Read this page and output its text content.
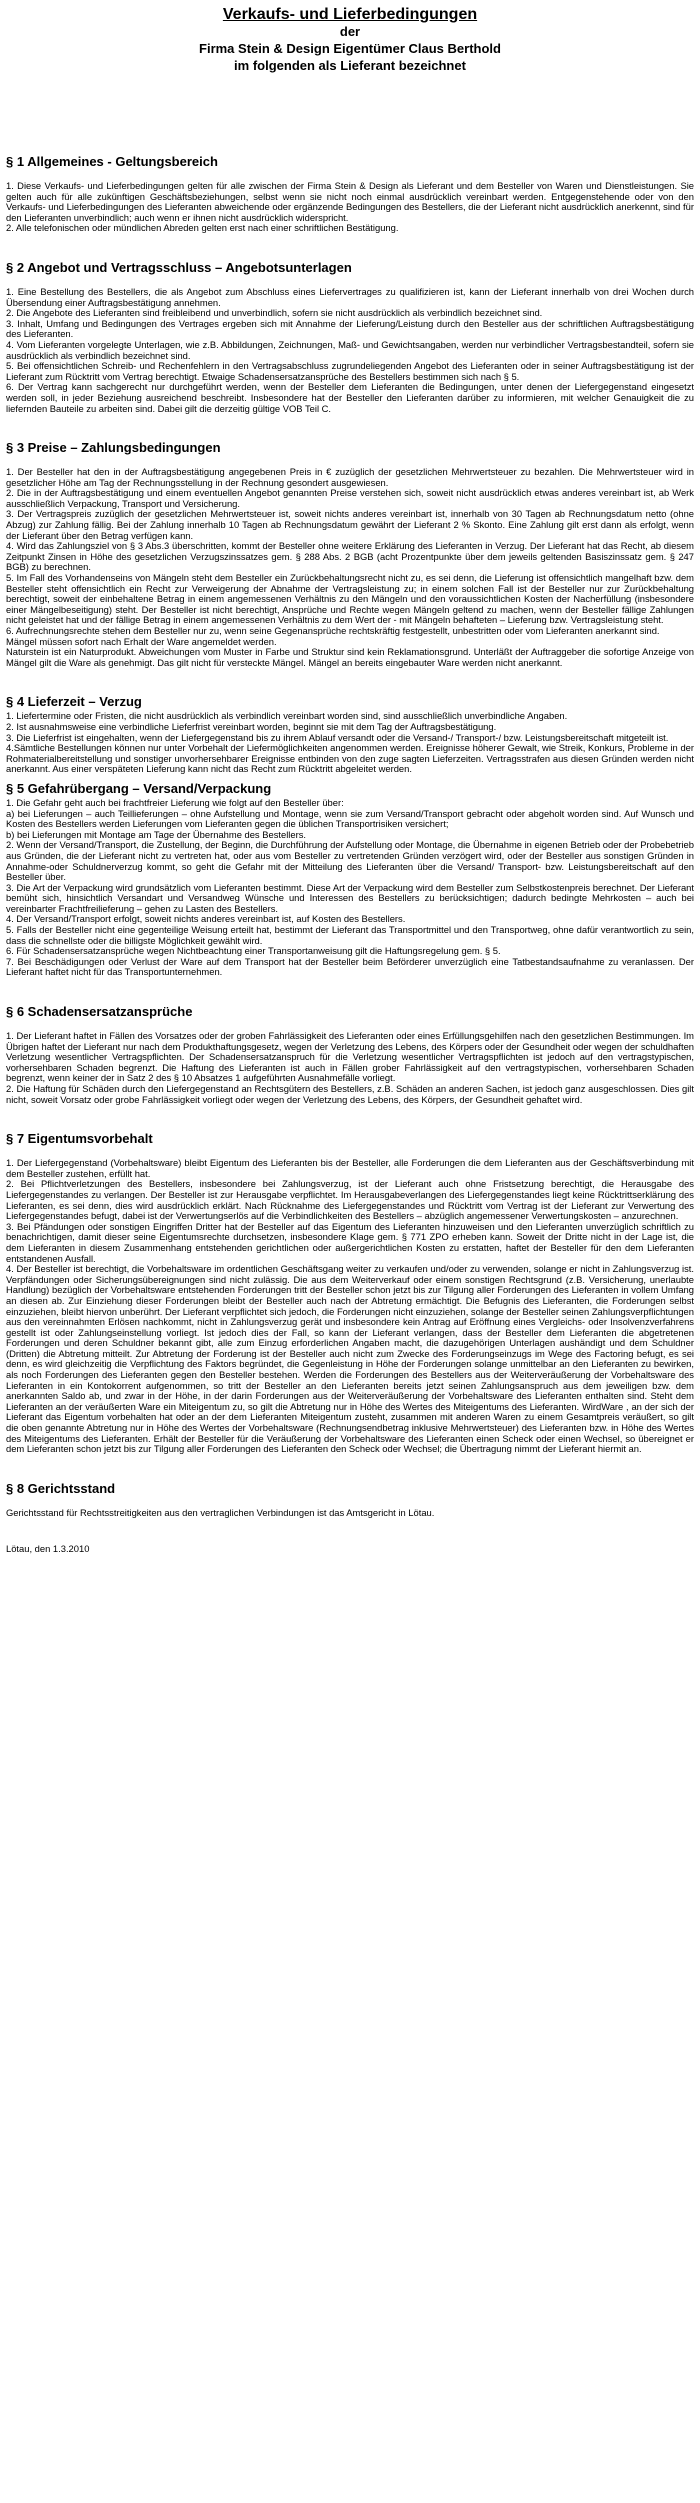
Verkaufs- und Lieferbedingungen
der
Firma Stein & Design Eigentümer Claus Berthold
im folgenden als Lieferant bezeichnet
§ 1 Allgemeines - Geltungsbereich

1. Diese Verkaufs- und Lieferbedingungen gelten für alle zwischen der Firma Stein & Design als Lieferant und dem Besteller von Waren und Dienstleistungen. Sie gelten auch für alle zukünftigen Geschäftsbeziehungen, selbst wenn sie nicht noch einmal ausdrücklich vereinbart werden. Entgegenstehende oder von den Verkaufs- und Lieferbedingungen des Lieferanten abweichende oder ergänzende Bedingungen des Bestellers, die der Lieferant nicht ausdrücklich anerkennt, sind für den Lieferanten unverbindlich; auch wenn er ihnen nicht ausdrücklich widerspricht.

2. Alle telefonischen oder mündlichen Abreden gelten erst nach einer schriftlichen Bestätigung.

§ 2 Angebot und Vertragsschluss – Angebotsunterlagen

1. Eine Bestellung des Bestellers, die als Angebot zum Abschluss eines Liefervertrages zu qualifizieren ist, kann der Lieferant innerhalb von drei Wochen durch Übersendung einer Auftragsbestätigung annehmen.

2. Die Angebote des Lieferanten sind freibleibend und unverbindlich, sofern sie nicht ausdrücklich als verbindlich bezeichnet sind.

3. Inhalt, Umfang und Bedingungen des Vertrages ergeben sich mit Annahme der Lieferung/Leistung durch den Besteller aus der schriftlichen Auftragsbestätigung des Lieferanten.

4. Vom Lieferanten vorgelegte Unterlagen, wie z.B. Abbildungen, Zeichnungen, Maß- und Gewichtsangaben, werden nur verbindlicher Vertragsbestandteil, sofern sie ausdrücklich als verbindlich bezeichnet sind.

5. Bei offensichtlichen Schreib- und Rechenfehlern in den Vertragsabschluss zugrundeliegenden Angebot des Lieferanten oder in seiner Auftragsbestätigung ist der Lieferant zum Rücktritt vom Vertrag berechtigt. Etwaige Schadensersatzansprüche des Bestellers bestimmen sich nach § 5.

6. Der Vertrag kann sachgerecht nur durchgeführt werden, wenn der Besteller dem Lieferanten die Bedingungen, unter denen der Liefergegenstand eingesetzt werden soll, in jeder Beziehung ausreichend beschreibt. Insbesondere hat der Besteller den Lieferanten darüber zu informieren, mit welcher Genauigkeit die zu liefernden Bauteile zu arbeiten sind. Dabei gilt die derzeitig gültige VOB Teil C.

§ 3 Preise – Zahlungsbedingungen

1. Der Besteller hat den in der Auftragsbestätigung angegebenen Preis in € zuzüglich der gesetzlichen Mehrwertsteuer zu bezahlen. Die Mehrwertsteuer wird in gesetzlicher Höhe am Tag der Rechnungsstellung in der Rechnung gesondert ausgewiesen.

2. Die in der Auftragsbestätigung und einem eventuellen Angebot genannten Preise verstehen sich, soweit nicht ausdrücklich etwas anderes vereinbart ist, ab Werk ausschließlich Verpackung, Transport und Versicherung.

3. Der Vertragspreis zuzüglich der gesetzlichen Mehrwertsteuer ist, soweit nichts anderes vereinbart ist, innerhalb von 30 Tagen ab Rechnungsdatum netto (ohne Abzug) zur Zahlung fällig. Bei der Zahlung innerhalb 10 Tagen ab Rechnungsdatum gewährt der Lieferant 2 % Skonto. Eine Zahlung gilt erst dann als erfolgt, wenn der Lieferant über den Betrag verfügen kann.

4. Wird das Zahlungsziel von § 3 Abs.3 überschritten, kommt der Besteller ohne weitere Erklärung des Lieferanten in Verzug. Der Lieferant hat das Recht, ab diesem Zeitpunkt Zinsen in Höhe des gesetzlichen Verzugszinssatzes gem. § 288 Abs. 2 BGB (acht Prozentpunkte über dem jeweils geltenden Basiszinssatz gem. § 247 BGB) zu berechnen.

5. Im Fall des Vorhandenseins von Mängeln steht dem Besteller ein Zurückbehaltungsrecht nicht zu, es sei denn, die Lieferung ist offensichtlich mangelhaft bzw. dem Besteller steht offensichtlich ein Recht zur Verweigerung der Abnahme der Vertragsleistung zu; in einem solchen Fall ist der Besteller nur zur Zurückbehaltung berechtigt, soweit der einbehaltene Betrag in einem angemessenen Verhältnis zu den Mängeln und den voraussichtlichen Kosten der Nacherfüllung (insbesondere einer Mängelbeseitigung) steht. Der Besteller ist nicht berechtigt, Ansprüche und Rechte wegen Mängeln geltend zu machen, wenn der Besteller fällige Zahlungen nicht geleistet hat und der fällige Betrag in einem angemessenen Verhältnis zu dem Wert der - mit Mängeln behafteten – Lieferung bzw. Vertragsleistung steht.

6. Aufrechnungsrechte stehen dem Besteller nur zu, wenn seine Gegenansprüche rechtskräftig festgestellt, unbestritten oder vom Lieferanten anerkannt sind.

Mängel müssen sofort nach Erhalt der Ware angemeldet werden.

Naturstein ist ein Naturprodukt. Abweichungen vom Muster in Farbe und Struktur sind kein Reklamationsgrund. Unterläßt der Auftraggeber die sofortige Anzeige von Mängel gilt die Ware als genehmigt. Das gilt nicht für versteckte Mängel. Mängel an bereits eingebauter Ware werden nicht anerkannt.

§ 4 Lieferzeit – Verzug

1. Liefertermine oder Fristen, die nicht ausdrücklich als verbindlich vereinbart worden sind, sind ausschließlich unverbindliche Angaben.

2. Ist ausnahmsweise eine verbindliche Lieferfrist vereinbart worden, beginnt sie mit dem Tag der Auftragsbestätigung.

3. Die Lieferfrist ist eingehalten, wenn der Liefergegenstand bis zu ihrem Ablauf versandt oder die Versand-/ Transport-/ bzw. Leistungsbereitschaft mitgeteilt ist.

4.Sämtliche Bestellungen können nur unter Vorbehalt der Liefermöglichkeiten angenommen werden. Ereignisse höherer Gewalt, wie Streik, Konkurs, Probleme in der Rohmaterialbereitstellung und sonstiger unvorhersehbarer Ereignisse entbinden von den zuge sagten Lieferzeiten. Vertragsstrafen aus diesen Gründen werden nicht anerkannt. Aus einer verspäteten Lieferung kann nicht das Recht zum Rücktritt abgeleitet werden.

§ 5 Gefahrübergang – Versand/Verpackung

1. Die Gefahr geht auch bei frachtfreier Lieferung wie folgt auf den Besteller über:

a) bei Lieferungen – auch Teillieferungen – ohne Aufstellung und Montage, wenn sie zum Versand/Transport gebracht oder abgeholt worden sind. Auf Wunsch und Kosten des Bestellers werden Lieferungen vom Lieferanten gegen die üblichen Transportrisiken versichert;

b) bei Lieferungen mit Montage am Tage der Übernahme des Bestellers.

2. Wenn der Versand/Transport, die Zustellung, der Beginn, die Durchführung der Aufstellung oder Montage, die Übernahme in eigenen Betrieb oder der Probebetrieb aus Gründen, die der Lieferant nicht zu vertreten hat, oder aus vom Besteller zu vertretenden Gründen verzögert wird, oder der Besteller aus sonstigen Gründen in Annahme-oder Schuldnerverzug kommt, so geht die Gefahr mit der Mitteilung des Lieferanten über die Versand/ Transport- bzw. Leistungsbereitschaft auf den Besteller über.

3. Die Art der Verpackung wird grundsätzlich vom Lieferanten bestimmt. Diese Art der Verpackung wird dem Besteller zum Selbstkostenpreis berechnet. Der Lieferant bemüht sich, hinsichtlich Versandart und Versandweg Wünsche und Interessen des Bestellers zu berücksichtigen; dadurch bedingte Mehrkosten – auch bei vereinbarter Frachtfreilieferung – gehen zu Lasten des Bestellers.

4. Der Versand/Transport erfolgt, soweit nichts anderes vereinbart ist, auf Kosten des Bestellers.

5. Falls der Besteller nicht eine gegenteilige Weisung erteilt hat, bestimmt der Lieferant das Transportmittel und den Transportweg, ohne dafür verantwortlich zu sein, dass die schnellste oder die billigste Möglichkeit gewählt wird.

6. Für Schadensersatzansprüche wegen Nichtbeachtung einer Transportanweisung gilt die Haftungsregelung gem. § 5.

7. Bei Beschädigungen oder Verlust der Ware auf dem Transport hat der Besteller beim Beförderer unverzüglich eine Tatbestandsaufnahme zu veranlassen. Der Lieferant haftet nicht für das Transportunternehmen.

§ 6 Schadensersatzansprüche

1. Der Lieferant haftet in Fällen des Vorsatzes oder der groben Fahrlässigkeit des Lieferanten oder eines Erfüllungsgehilfen nach den gesetzlichen Bestimmungen. Im Übrigen haftet der Lieferant nur nach dem Produkthaftungsgesetz, wegen der Verletzung des Lebens, des Körpers oder der Gesundheit oder wegen der schuldhaften Verletzung wesentlicher Vertragspflichten. Der Schadensersatzanspruch für die Verletzung wesentlicher Vertragspflichten ist jedoch auf den vertragstypischen, vorhersehbaren Schaden begrenzt. Die Haftung des Lieferanten ist auch in Fällen grober Fahrlässigkeit auf den vertragstypischen, vorhersehbaren Schaden begrenzt, wenn keiner der in Satz 2 des § 10 Absatzes 1 aufgeführten Ausnahmefälle vorliegt.

2. Die Haftung für Schäden durch den Liefergegenstand an Rechtsgütern des Bestellers, z.B. Schäden an anderen Sachen, ist jedoch ganz ausgeschlossen. Dies gilt nicht, soweit Vorsatz oder grobe Fahrlässigkeit vorliegt oder wegen der Verletzung des Lebens, des Körpers, der Gesundheit gehaftet wird.

§ 7 Eigentumsvorbehalt

1. Der Liefergegenstand (Vorbehaltsware) bleibt Eigentum des Lieferanten bis der Besteller, alle Forderungen die dem Lieferanten aus der Geschäftsverbindung mit dem Besteller zustehen, erfüllt hat.

2. Bei Pflichtverletzungen des Bestellers, insbesondere bei Zahlungsverzug, ist der Lieferant auch ohne Fristsetzung berechtigt, die Herausgabe des Liefergegenstandes zu verlangen. Der Besteller ist zur Herausgabe verpflichtet. Im Herausgabeverlangen des Liefergegenstandes liegt keine Rücktrittserklärung des Lieferanten, es sei denn, dies wird ausdrücklich erklärt. Nach Rücknahme des Liefergegenstandes und Rücktritt vom Vertrag ist der Lieferant zur Verwertung des Liefergegenstandes befugt, dabei ist der Verwertungserlös auf die Verbindlichkeiten des Bestellers – abzüglich angemessener Verwertungskosten – anzurechnen.

3. Bei Pfändungen oder sonstigen Eingriffen Dritter hat der Besteller auf das Eigentum des Lieferanten hinzuweisen und den Lieferanten unverzüglich schriftlich zu benachrichtigen, damit dieser seine Eigentumsrechte durchsetzen, insbesondere Klage gem. § 771 ZPO erheben kann. Soweit der Dritte nicht in der Lage ist, die dem Lieferanten in diesem Zusammenhang entstehenden gerichtlichen oder außergerichtlichen Kosten zu erstatten, haftet der Besteller für den dem Lieferanten entstandenen Ausfall.

4. Der Besteller ist berechtigt, die Vorbehaltsware im ordentlichen Geschäftsgang weiter zu verkaufen und/oder zu verwenden, solange er nicht in Zahlungsverzug ist. Verpfändungen oder Sicherungsübereignungen sind nicht zulässig. Die aus dem Weiterverkauf oder einem sonstigen Rechtsgrund (z.B. Versicherung, unerlaubte Handlung) bezüglich der Vorbehaltsware entstehenden Forderungen tritt der Besteller schon jetzt bis zur Tilgung aller Forderungen des Lieferanten in vollem Umfang an diesen ab. Zur Einziehung dieser Forderungen bleibt der Besteller auch nach der Abtretung ermächtigt. Die Befugnis des Lieferanten, die Forderungen selbst einzuziehen, bleibt hiervon unberührt. Der Lieferant verpflichtet sich jedoch, die Forderungen nicht einzuziehen, solange der Besteller seinen Zahlungsverpflichtungen aus den vereinnahmten Erlösen nachkommt, nicht in Zahlungsverzug gerät und insbesondere kein Antrag auf Eröffnung eines Vergleichs- oder Insolvenzverfahrens gestellt ist oder Zahlungseinstellung vorliegt. Ist jedoch dies der Fall, so kann der Lieferant verlangen, dass der Besteller dem Lieferanten die abgetretenen Forderungen und deren Schuldner bekannt gibt, alle zum Einzug erforderlichen Angaben macht, die dazugehörigen Unterlagen aushändigt und dem Schuldner (Dritten) die Abtretung mitteilt. Zur Abtretung der Forderung ist der Besteller auch nicht zum Zwecke des Forderungseinzugs im Wege des Factoring befugt, es sei denn, es wird gleichzeitig die Verpflichtung des Faktors begründet, die Gegenleistung in Höhe der Forderungen solange unmittelbar an den Lieferanten zu bewirken, als noch Forderungen des Lieferanten gegen den Besteller bestehen. Werden die Forderungen des Bestellers aus der Weiterveräußerung der Vorbehaltsware des Lieferanten in ein Kontokorrent aufgenommen, so tritt der Besteller an den Lieferanten bereits jetzt seinen Zahlungsanspruch aus dem jeweiligen bzw. dem anerkannten Saldo ab, und zwar in der Höhe, in der darin Forderungen aus der Weiterveräußerung der Vorbehaltsware des Lieferanten enthalten sind. Steht dem Lieferanten an der veräußerten Ware ein Miteigentum zu, so gilt die Abtretung nur in Höhe des Wertes des Miteigentums des Lieferanten. WirdWare , an der sich der Lieferant das Eigentum vorbehalten hat oder an der dem Lieferanten Miteigentum zusteht, zusammen mit anderen Waren zu einem Gesamtpreis veräußert, so gilt die oben genannte Abtretung nur in Höhe des Wertes der Vorbehaltsware (Rechnungsendbetrag inklusive Mehrwertsteuer) des Lieferanten bzw. in Höhe des Wertes des Miteigentums des Lieferanten. Erhält der Besteller für die Veräußerung der Vorbehaltsware des Lieferanten einen Scheck oder einen Wechsel, so übereignet er dem Lieferanten schon jetzt bis zur Tilgung aller Forderungen des Lieferanten den Scheck oder Wechsel; die Übertragung nimmt der Lieferant hiermit an.

§ 8 Gerichtsstand

Gerichtsstand für Rechtsstreitigkeiten aus den vertraglichen Verbindungen ist das Amtsgericht in Lötau.

Lötau, den 1.3.2010
